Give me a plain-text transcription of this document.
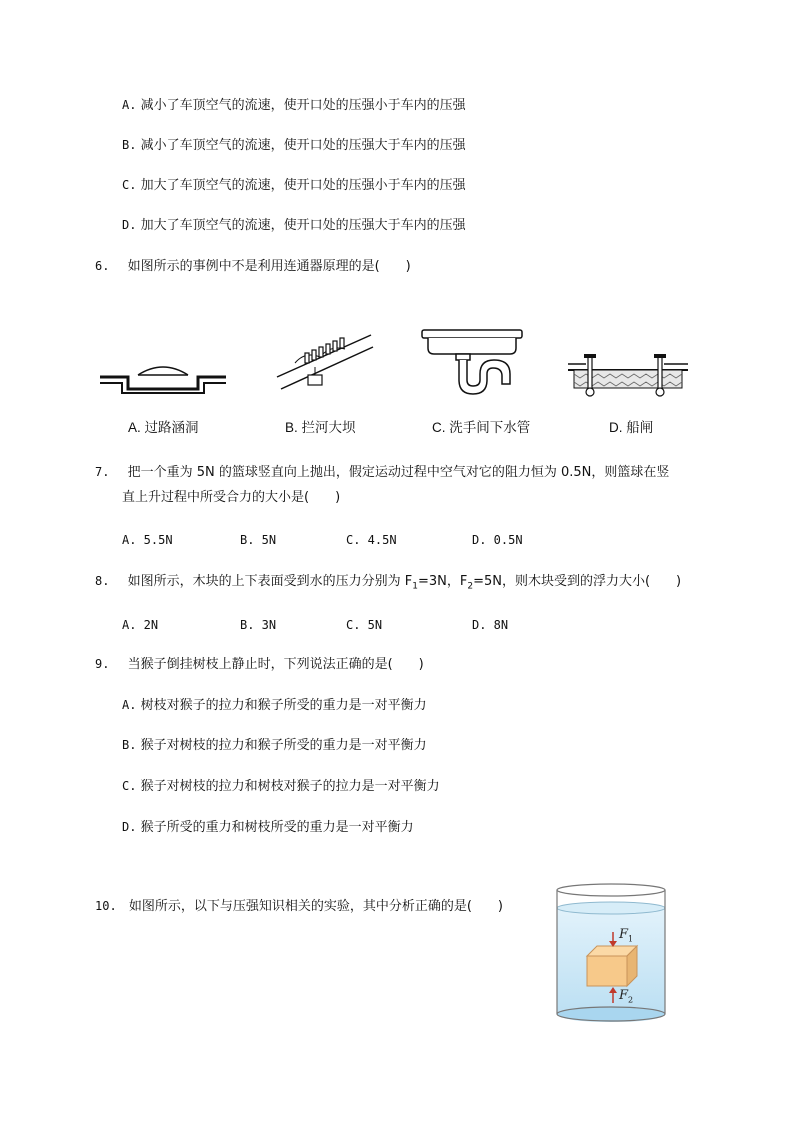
A. 减小了车顶空气的流速，使开口处的压强小于车内的压强
B. 减小了车顶空气的流速，使开口处的压强大于车内的压强
C. 加大了车顶空气的流速，使开口处的压强小于车内的压强
D. 加大了车顶空气的流速，使开口处的压强大于车内的压强
6. 如图所示的事例中不是利用连通器原理的是(　　)
A. 过路涵洞	B. 拦河大坝	C. 洗手间下水管	D. 船闸
7. 把一个重为 5N 的篮球竖直向上抛出，假定运动过程中空气对它的阻力恒为 0.5N，则篮球在竖
直上升过程中所受合力的大小是(　　)
A. 5.5N	B. 5N	C. 4.5N	D. 0.5N
8. 如图所示，木块的上下表面受到水的压力分别为 $F_1=3N$，$F_2=5N$，则木块受到的浮力大小(　　)
A. 2N	B. 3N	C. 5N	D. 8N
9. 当猴子倒挂树枝上静止时，下列说法正确的是(　　)
A. 树枝对猴子的拉力和猴子所受的重力是一对平衡力
B. 猴子对树枝的拉力和猴子所受的重力是一对平衡力
C. 猴子对树枝的拉力和树枝对猴子的拉力是一对平衡力
D. 猴子所受的重力和树枝所受的重力是一对平衡力
10. 如图所示，以下与压强知识相关的实验，其中分析正确的是(　　)
$F_1$
$F_2$
